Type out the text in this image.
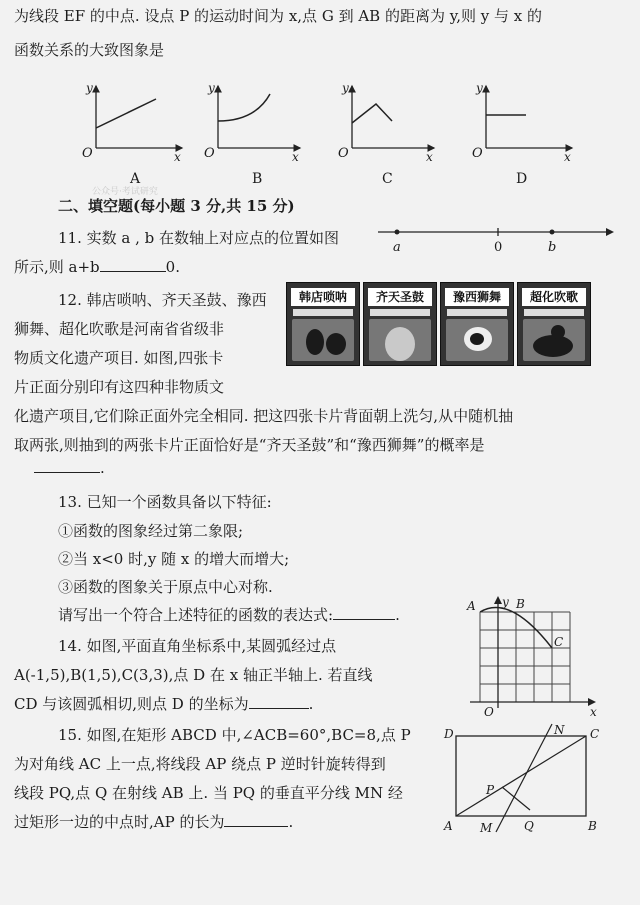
为线段 EF 的中点. 设点 P 的运动时间为 x,点 G 到 AB 的距离为 y,则 y 与 x 的
函数关系的大致图象是
O	x
y
A
O	x
y
B
O	x
y
C
O	x
y
D
公众号·考试研究
二、填空题(每小题 3 分,共 15 分)
11. 实数 a , b 在数轴上对应点的位置如图
所示,则 a+b	0.
a	0	b
12. 韩店唢呐、齐天圣鼓、豫西
狮舞、超化吹歌是河南省省级非
物质文化遗产项目. 如图,四张卡
片正面分别印有这四种非物质文
化遗产项目,它们除正面外完全相同. 把这四张卡片背面朝上洗匀,从中随机抽
取两张,则抽到的两张卡片正面恰好是“齐天圣鼓”和“豫西狮舞”的概率是
.
韩店唢呐	齐天圣鼓	豫西狮舞	超化吹歌
13. 已知一个函数具备以下特征:
①函数的图象经过第二象限;
②当 x<0 时,y 随 x 的增大而增大;
③函数的图象关于原点中心对称.
请写出一个符合上述特征的函数的表达式:	.
14. 如图,平面直角坐标系中,某圆弧经过点
A(-1,5),B(1,5),C(3,3),点 D 在 x 轴正半轴上. 若直线
CD 与该圆弧相切,则点 D 的坐标为	.
A	B
C
O	x
y
15. 如图,在矩形 ABCD 中,∠ACB=60°,BC=8,点 P
为对角线 AC 上一点,将线段 AP 绕点 P 逆时针旋转得到
线段 PQ,点 Q 在射线 AB 上. 当 PQ 的垂直平分线 MN 经
过矩形一边的中点时,AP 的长为	.
D	C
N
P
A M	Q	B
